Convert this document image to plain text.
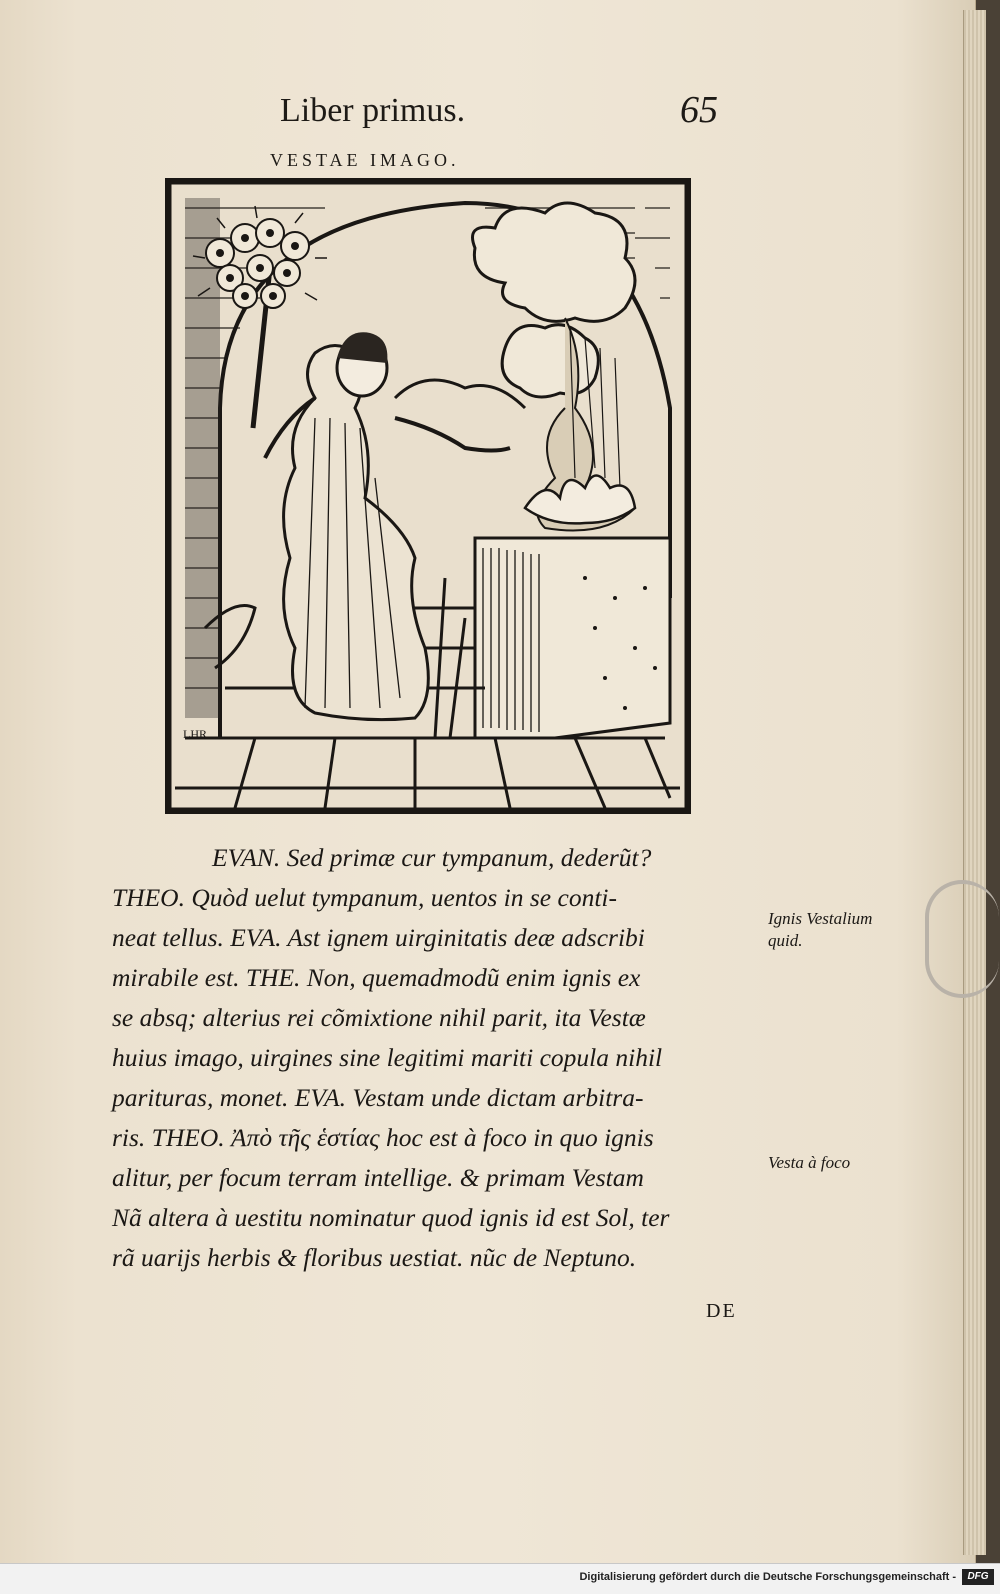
Liber primus.	65
VESTAE IMAGO.
LHR
EVAN. Sed primæ cur tympanum, dederũt?
THEO. Quòd uelut tympanum, uentos in se conti-
neat tellus. EVA. Ast ignem uirginitatis deæ adscribi
mirabile est. THE. Non, quemadmodũ enim ignis ex
se absq; alterius rei cõmixtione nihil parit, ita Vestæ
huius imago, uirgines sine legitimi mariti copula nihil
parituras, monet. EVA. Vestam unde dictam arbitra-
ris. THEO. Ἀπὸ τῆς ἑστίας hoc est à foco in quo ignis
alitur, per focum terram intellige. & primam Vestam
Nã altera à uestitu nominatur quod ignis id est Sol, ter
rã uarijs herbis & floribus uestiat. nũc de Neptuno.
Ignis Vestalium quid.
Vesta à foco
DE
Digitalisierung gefördert durch die Deutsche Forschungsgemeinschaft -	DFG
